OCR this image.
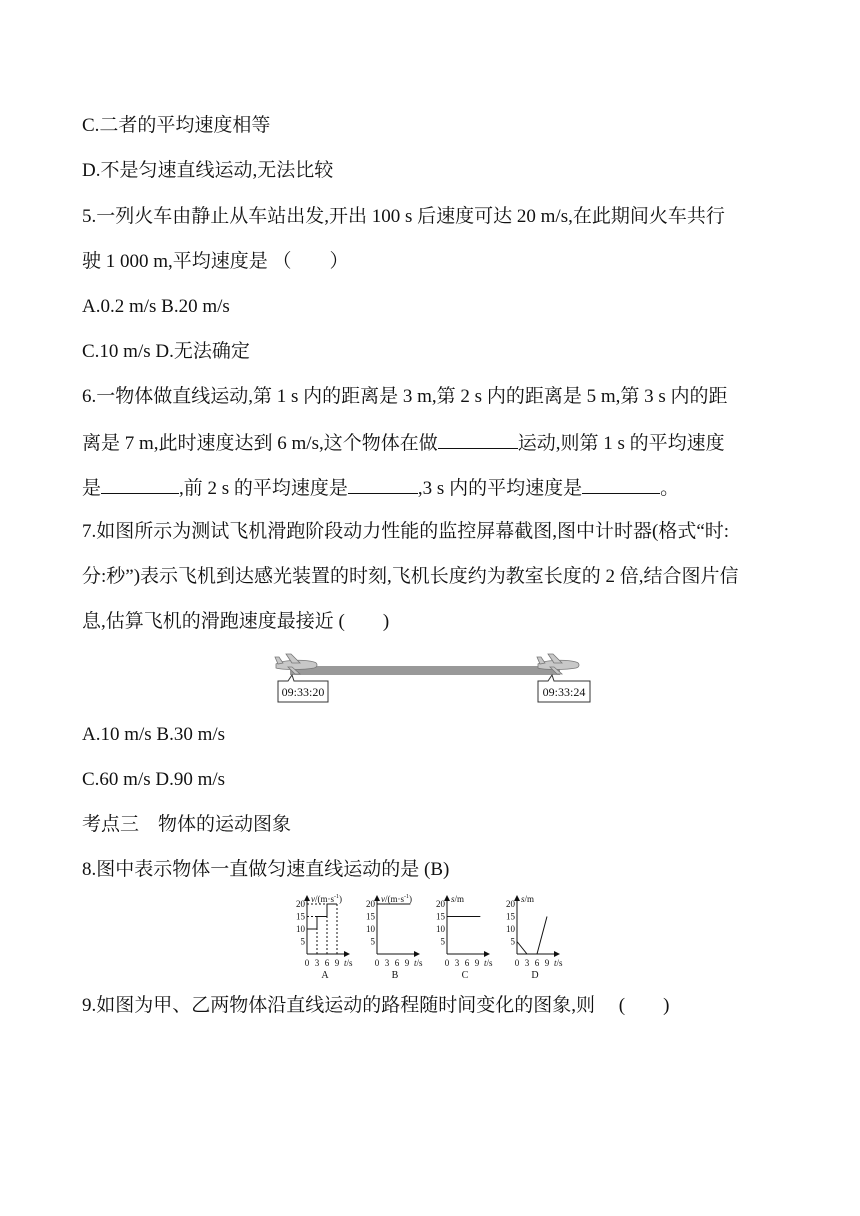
C.二者的平均速度相等
D.不是匀速直线运动,无法比较
5.一列火车由静止从车站出发,开出 100 s 后速度可达 20 m/s,在此期间火车共行
驶 1 000 m,平均速度是 （　　）
A.0.2 m/s B.20 m/s
C.10 m/s D.无法确定
6.一物体做直线运动,第 1 s 内的距离是 3 m,第 2 s 内的距离是 5 m,第 3 s 内的距
离是 7 m,此时速度达到 6 m/s,这个物体在做	运动,则第 1 s 的平均速度
是	,前 2 s 的平均速度是	,3 s 内的平均速度是	。
7.如图所示为测试飞机滑跑阶段动力性能的监控屏幕截图,图中计时器(格式“时:
分:秒”)表示飞机到达感光装置的时刻,飞机长度约为教室长度的 2 倍,结合图片信
息,估算飞机的滑跑速度最接近 (　　)
09:33:20	09:33:24
A.10 m/s B.30 m/s
C.60 m/s D.90 m/s
考点三　物体的运动图象
8.图中表示物体一直做匀速直线运动的是 (B)
20
15
10
5
0 3 6 9 t/s
$v/(m\cdot s^{-1})$
A
20
15
10
5
0 3 6 9 t/s
$v/(m\cdot s^{-1})$
B
20
15
10
5
0 3 6 9 t/s
s/m
C
20
15
10
5
0 3 6 9 t/s
s/m
D
9.如图为甲、乙两物体沿直线运动的路程随时间变化的图象,则　 (　　)
